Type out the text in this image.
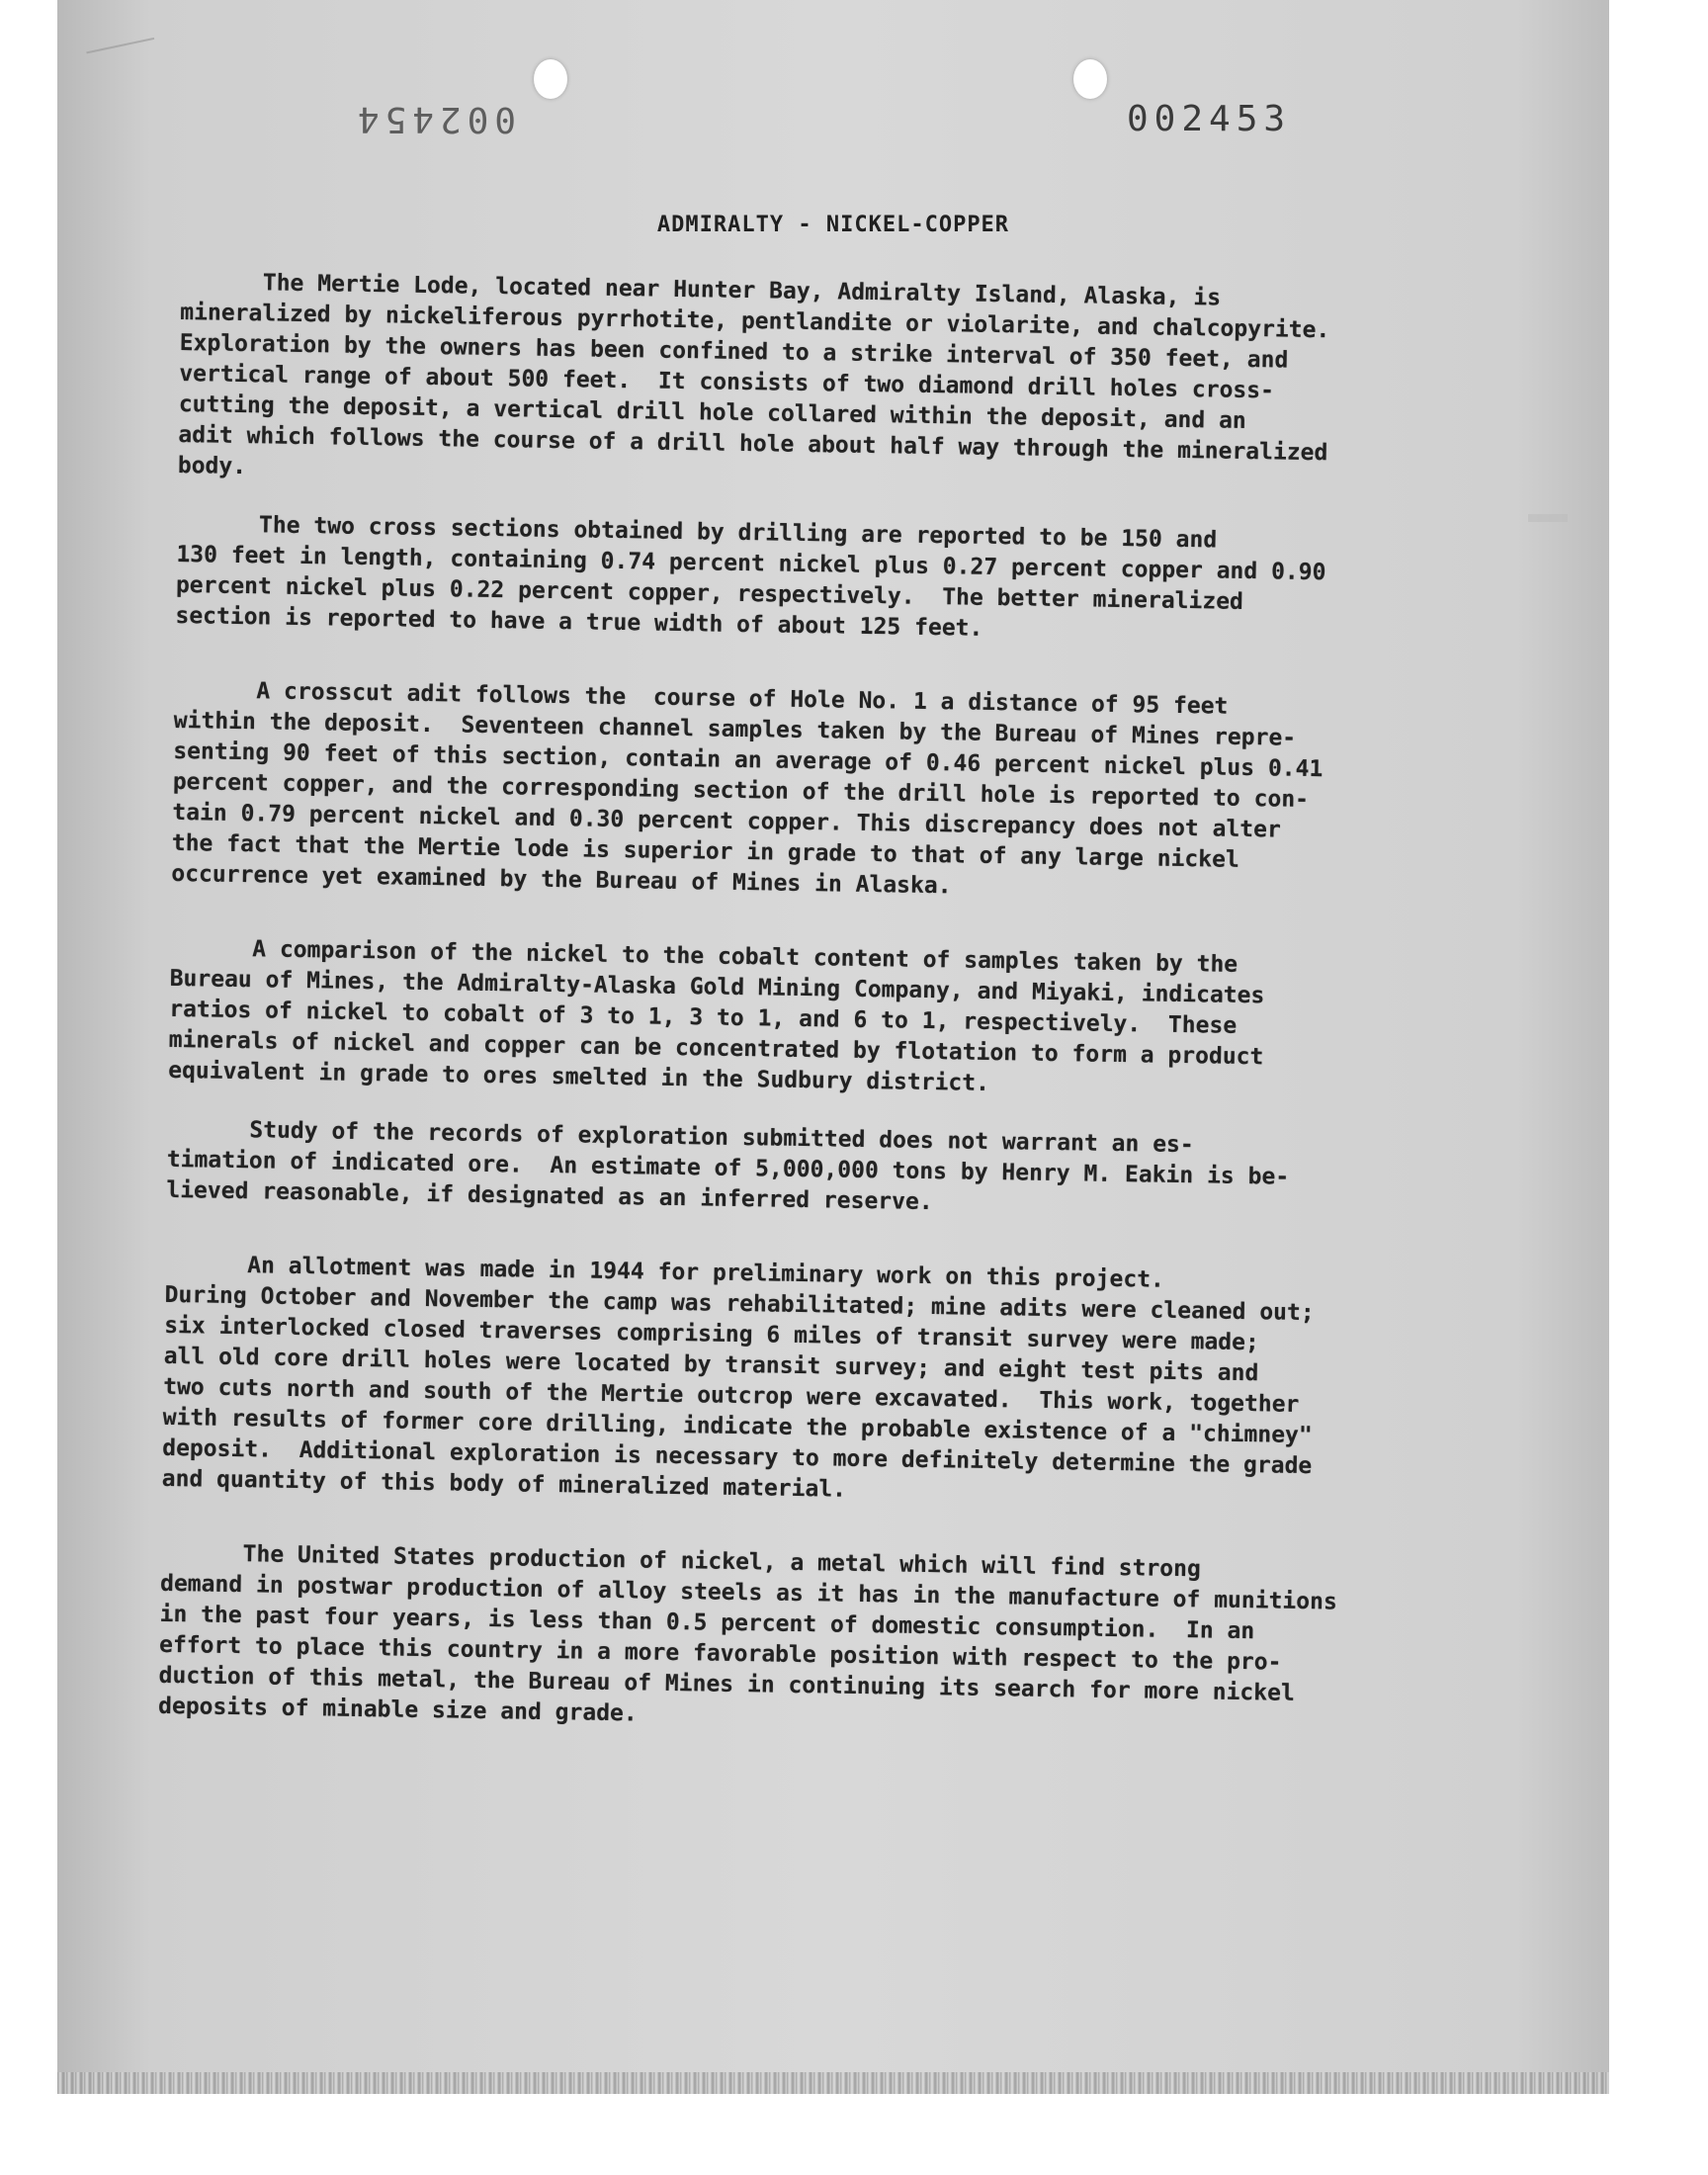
002454	002453
ADMIRALTY - NICKEL-COPPER

The Mertie Lode, located near Hunter Bay, Admiralty Island, Alaska, is
mineralized by nickeliferous pyrrhotite, pentlandite or violarite, and chalcopyrite.
Exploration by the owners has been confined to a strike interval of 350 feet, and
vertical range of about 500 feet.  It consists of two diamond drill holes cross-
cutting the deposit, a vertical drill hole collared within the deposit, and an
adit which follows the course of a drill hole about half way through the mineralized
body.

The two cross sections obtained by drilling are reported to be 150 and
130 feet in length, containing 0.74 percent nickel plus 0.27 percent copper and 0.90
percent nickel plus 0.22 percent copper, respectively.  The better mineralized
section is reported to have a true width of about 125 feet.

A crosscut adit follows the  course of Hole No. 1 a distance of 95 feet
within the deposit.  Seventeen channel samples taken by the Bureau of Mines repre-
senting 90 feet of this section, contain an average of 0.46 percent nickel plus 0.41
percent copper, and the corresponding section of the drill hole is reported to con-
tain 0.79 percent nickel and 0.30 percent copper. This discrepancy does not alter
the fact that the Mertie lode is superior in grade to that of any large nickel
occurrence yet examined by the Bureau of Mines in Alaska.

A comparison of the nickel to the cobalt content of samples taken by the
Bureau of Mines, the Admiralty-Alaska Gold Mining Company, and Miyaki, indicates
ratios of nickel to cobalt of 3 to 1, 3 to 1, and 6 to 1, respectively.  These
minerals of nickel and copper can be concentrated by flotation to form a product
equivalent in grade to ores smelted in the Sudbury district.

Study of the records of exploration submitted does not warrant an es-
timation of indicated ore.  An estimate of 5,000,000 tons by Henry M. Eakin is be-
lieved reasonable, if designated as an inferred reserve.

An allotment was made in 1944 for preliminary work on this project.
During October and November the camp was rehabilitated; mine adits were cleaned out;
six interlocked closed traverses comprising 6 miles of transit survey were made;
all old core drill holes were located by transit survey; and eight test pits and
two cuts north and south of the Mertie outcrop were excavated.  This work, together
with results of former core drilling, indicate the probable existence of a "chimney"
deposit.  Additional exploration is necessary to more definitely determine the grade
and quantity of this body of mineralized material.

The United States production of nickel, a metal which will find strong
demand in postwar production of alloy steels as it has in the manufacture of munitions
in the past four years, is less than 0.5 percent of domestic consumption.  In an
effort to place this country in a more favorable position with respect to the pro-
duction of this metal, the Bureau of Mines in continuing its search for more nickel
deposits of minable size and grade.
